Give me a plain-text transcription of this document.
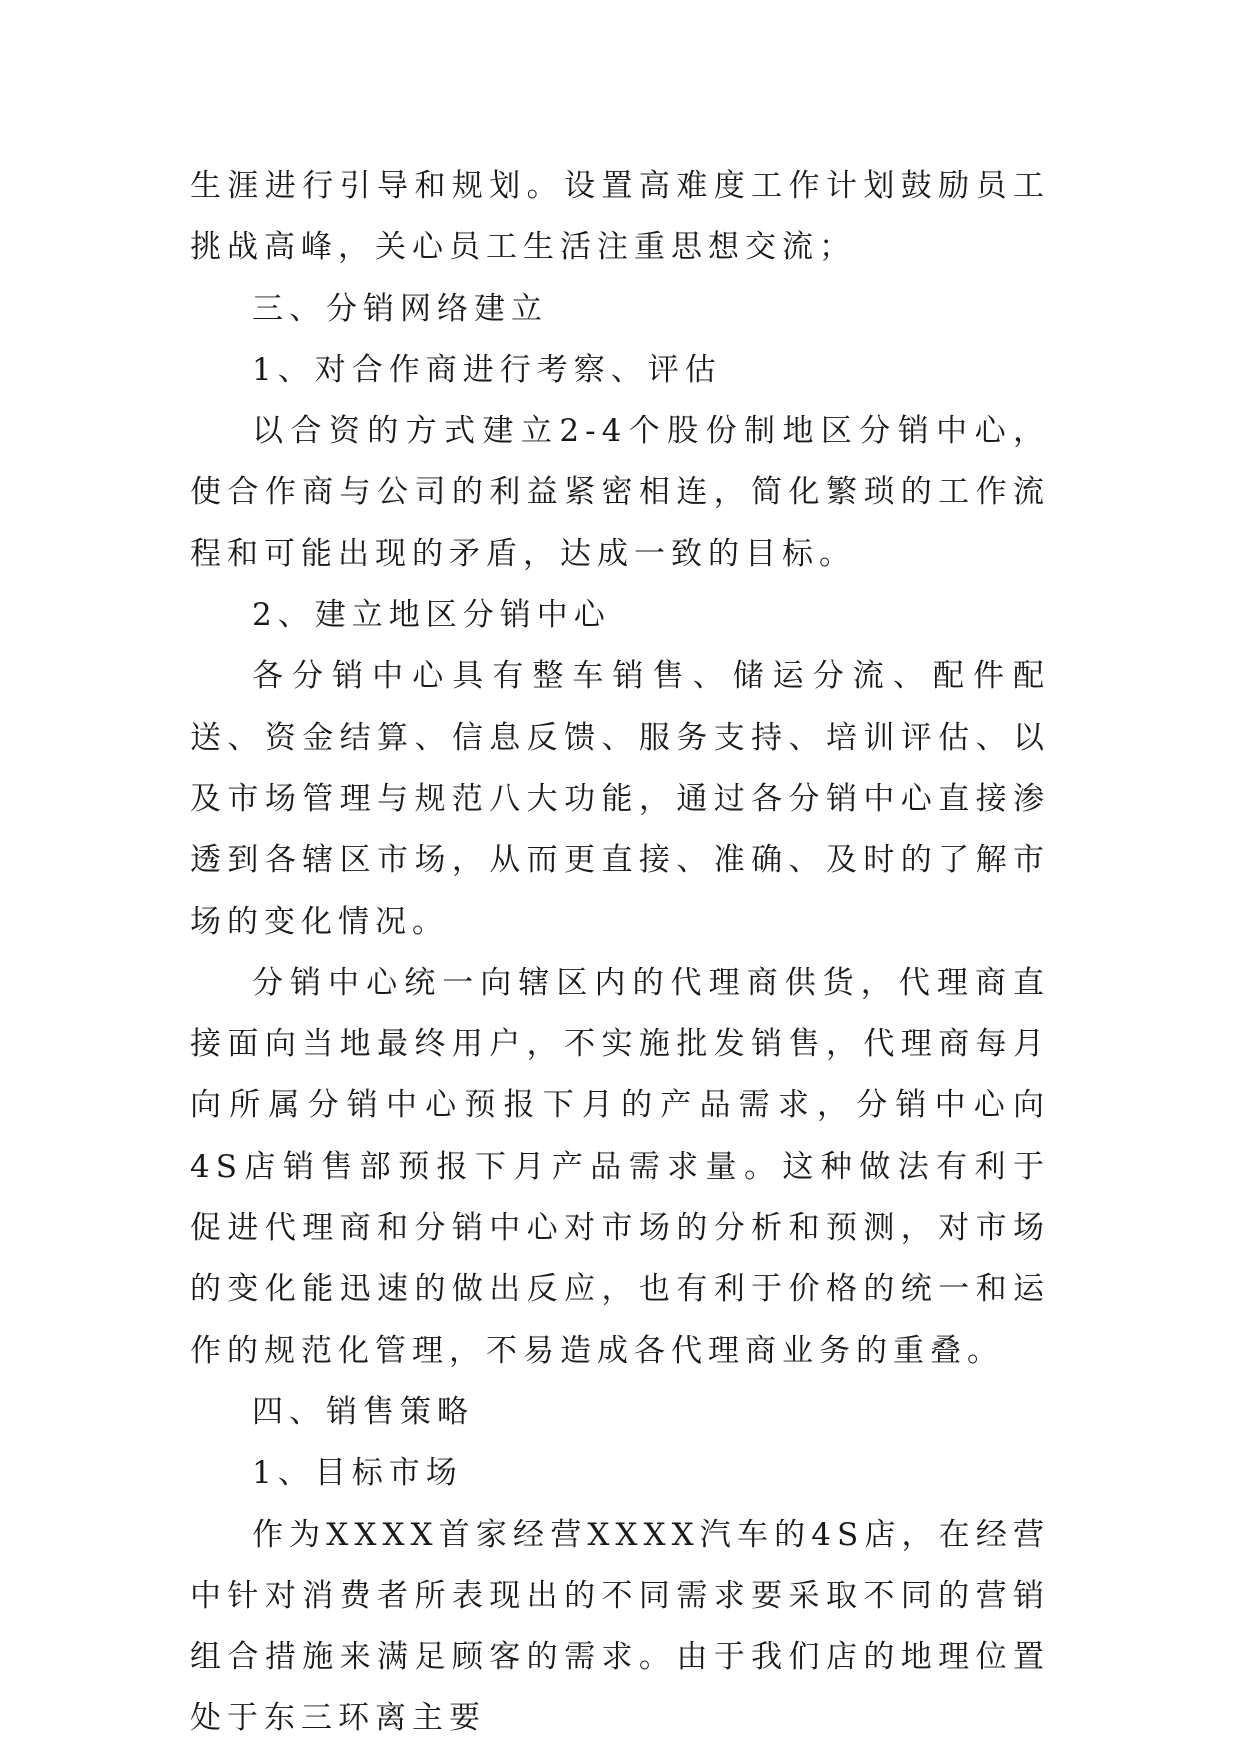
生涯进行引导和规划。设置高难度工作计划鼓励员工挑战高峰，关心员工生活注重思想交流；

三、分销网络建立

1、对合作商进行考察、评估

以合资的方式建立2-4个股份制地区分销中心，使合作商与公司的利益紧密相连，简化繁琐的工作流程和可能出现的矛盾，达成一致的目标。

2、建立地区分销中心

各分销中心具有整车销售、储运分流、配件配送、资金结算、信息反馈、服务支持、培训评估、以及市场管理与规范八大功能，通过各分销中心直接渗透到各辖区市场，从而更直接、准确、及时的了解市场的变化情况。

分销中心统一向辖区内的代理商供货，代理商直接面向当地最终用户，不实施批发销售，代理商每月向所属分销中心预报下月的产品需求，分销中心向4S店销售部预报下月产品需求量。这种做法有利于促进代理商和分销中心对市场的分析和预测，对市场的变化能迅速的做出反应，也有利于价格的统一和运作的规范化管理，不易造成各代理商业务的重叠。

四、销售策略

1、目标市场

作为XXXX首家经营XXXX汽车的4S店，在经营中针对消费者所表现出的不同需求要采取不同的营销组合措施来满足顾客的需求。由于我们店的地理位置处于东三环离主要
